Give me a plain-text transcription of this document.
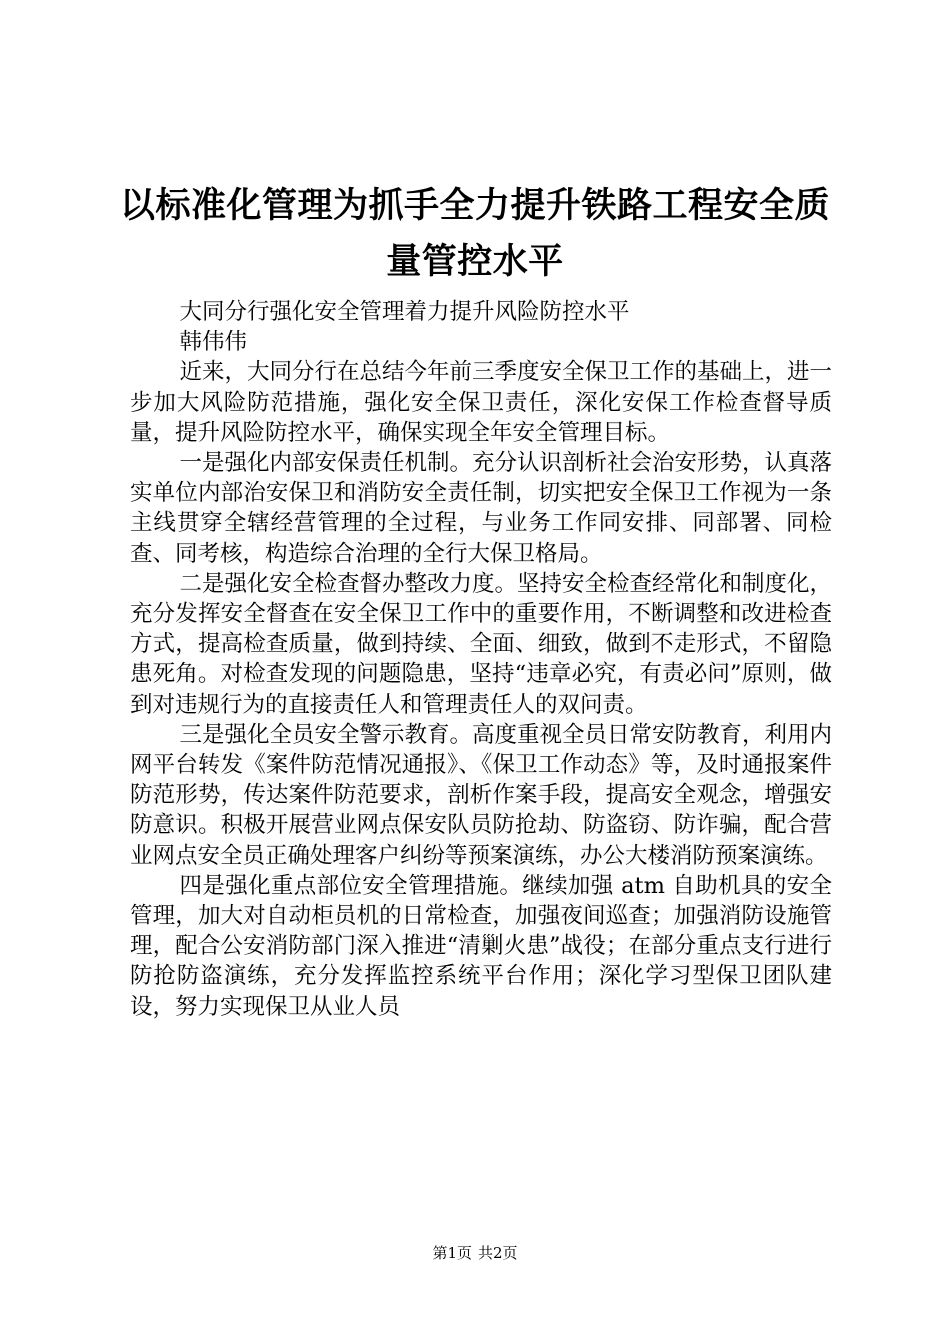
以标准化管理为抓手全力提升铁路工程安全质量管控水平

大同分行强化安全管理着力提升风险防控水平

韩伟伟

近来，大同分行在总结今年前三季度安全保卫工作的基础上，进一步加大风险防范措施，强化安全保卫责任，深化安保工作检查督导质量，提升风险防控水平，确保实现全年安全管理目标。

一是强化内部安保责任机制。充分认识剖析社会治安形势，认真落实单位内部治安保卫和消防安全责任制，切实把安全保卫工作视为一条主线贯穿全辖经营管理的全过程，与业务工作同安排、同部署、同检查、同考核，构造综合治理的全行大保卫格局。

二是强化安全检查督办整改力度。坚持安全检查经常化和制度化，充分发挥安全督查在安全保卫工作中的重要作用，不断调整和改进检查方式，提高检查质量，做到持续、全面、细致，做到不走形式，不留隐患死角。对检查发现的问题隐患，坚持“违章必究，有责必问”原则，做到对违规行为的直接责任人和管理责任人的双问责。

三是强化全员安全警示教育。高度重视全员日常安防教育，利用内网平台转发《案件防范情况通报》、《保卫工作动态》等，及时通报案件防范形势，传达案件防范要求，剖析作案手段，提高安全观念，增强安防意识。积极开展营业网点保安队员防抢劫、防盗窃、防诈骗，配合营业网点安全员正确处理客户纠纷等预案演练，办公大楼消防预案演练。

四是强化重点部位安全管理措施。继续加强 atm 自助机具的安全管理，加大对自动柜员机的日常检查，加强夜间巡查；加强消防设施管理，配合公安消防部门深入推进“清剿火患”战役；在部分重点支行进行防抢防盗演练，充分发挥监控系统平台作用；深化学习型保卫团队建设，努力实现保卫从业人员

第1页 共2页
